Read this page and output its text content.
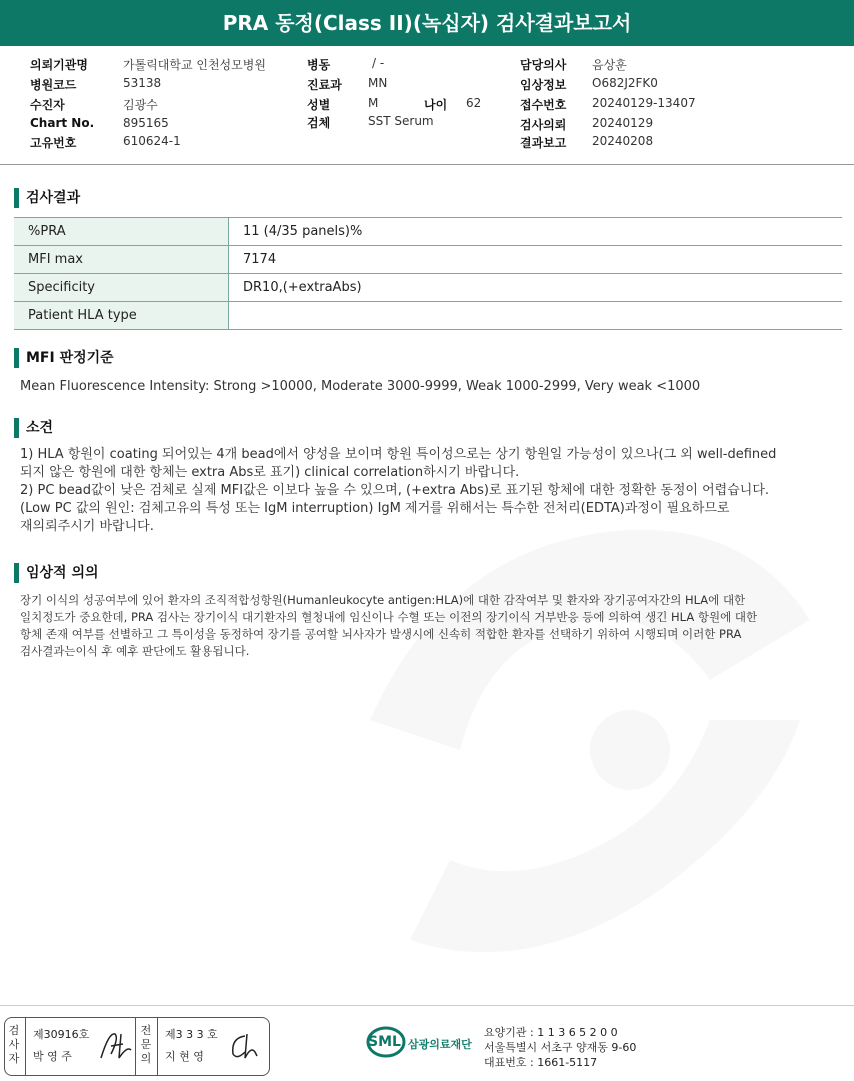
PRA 동정(Class II)(녹십자) 검사결과보고서
의뢰기관명	가톨릭대학교 인천성모병원
병원코드	53138
수진자	김광수
Chart No. 895165
고유번호	610624-1
병동	/ -
진료과 MN
성별	M	나이 62
검체	SST Serum
담당의사 음상훈
임상정보 O682J2FK0
접수번호 20240129-13407
검사의뢰 20240129
결과보고 20240208
검사결과
%PRA	11 (4/35 panels)%
MFI max	7174
Specificity	DR10,(+extraAbs)
Patient HLA type	
MFI 판정기준
Mean Fluorescence Intensity: Strong >10000, Moderate 3000-9999, Weak 1000-2999, Very weak <1000
소견
1) HLA 항원이 coating 되어있는 4개 bead에서 양성을 보이며 항원 특이성으로는 상기 항원일 가능성이 있으나(그 외 well-defined
되지 않은 항원에 대한 항체는 extra Abs로 표기) clinical correlation하시기 바랍니다.
2) PC bead값이 낮은 검체로 실제 MFI값은 이보다 높을 수 있으며, (+extra Abs)로 표기된 항체에 대한 정확한 동정이 어렵습니다.
(Low PC 값의 원인: 검체고유의 특성 또는 IgM interruption) IgM 제거를 위해서는 특수한 전처리(EDTA)과정이 필요하므로
재의뢰주시기 바랍니다.
임상적 의의
장기 이식의 성공여부에 있어 환자의 조직적합성항원(Humanleukocyte antigen:HLA)에 대한 감작여부 및 환자와 장기공여자간의 HLA에 대한
일치정도가 중요한데, PRA 검사는 장기이식 대기환자의 혈청내에 임신이나 수혈 또는 이전의 장기이식 거부반응 등에 의하여 생긴 HLA 항원에 대한
항체 존재 여부를 선별하고 그 특이성을 동정하여 장기를 공여할 뇌사자가 발생시에 신속히 적합한 환자를 선택하기 위하여 시행되며 이러한 PRA
검사결과는이식 후 예후 판단에도 활용됩니다.
검사자
제30916호
박 영 주
전문의
제3 3 3 호
지 현 영
SML 삼광의료재단
요양기관 : 1 1 3 6 5 2 0 0
서울특별시 서초구 양재동 9-60
대표번호 : 1661-5117
